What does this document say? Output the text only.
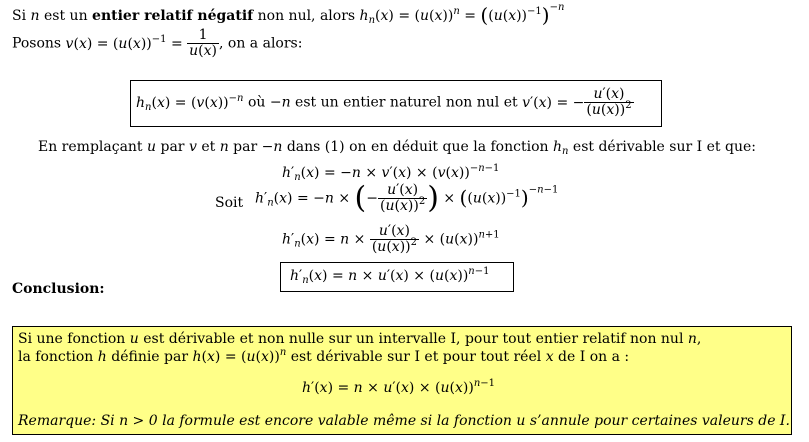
Si n est un entier relatif négatif non nul, alors $h_n(x) = (u(x))^n = ((u(x))^{-1})^{-n}$
Posons $v(x) = (u(x))^{-1} = \frac{1}{u(x)}$ , on a alors:
$h_n(x) = (v(x))^{-n}$ où −n est un entier naturel non nul et v′(x) = − $\frac{u'(x)}{(u(x))^2}$
En remplaçant u par v et n par −n dans (1) on en déduit que la fonction $h_n$ est dérivable sur I et que:
$h'_n(x) = -n \times v'(x) \times (v(x))^{-n-1}$
Soit $h'_n(x) = -n$ × (− $\frac{u'(x)}{(u(x))^2}$ ) × $((u(x))^{-1})^{-n-1}$
$h'_n(x) = n \times \frac{u'(x)}{(u(x))^2} \times (u(x))^{n+1}$
$h'_n(x) = n \times u'(x) \times (u(x))^{n-1}$
Conclusion:
Si une fonction u est dérivable et non nulle sur un intervalle I, pour tout entier relatif non nul n,
la fonction h définie par $h(x) = (u(x))^n$ est dérivable sur I et pour tout réel x de I on a :
$h'(x) = n \times u'(x) \times (u(x))^{n-1}$
Remarque: Si n > 0 la formule est encore valable même si la fonction u s’annule pour certaines valeurs de I.
